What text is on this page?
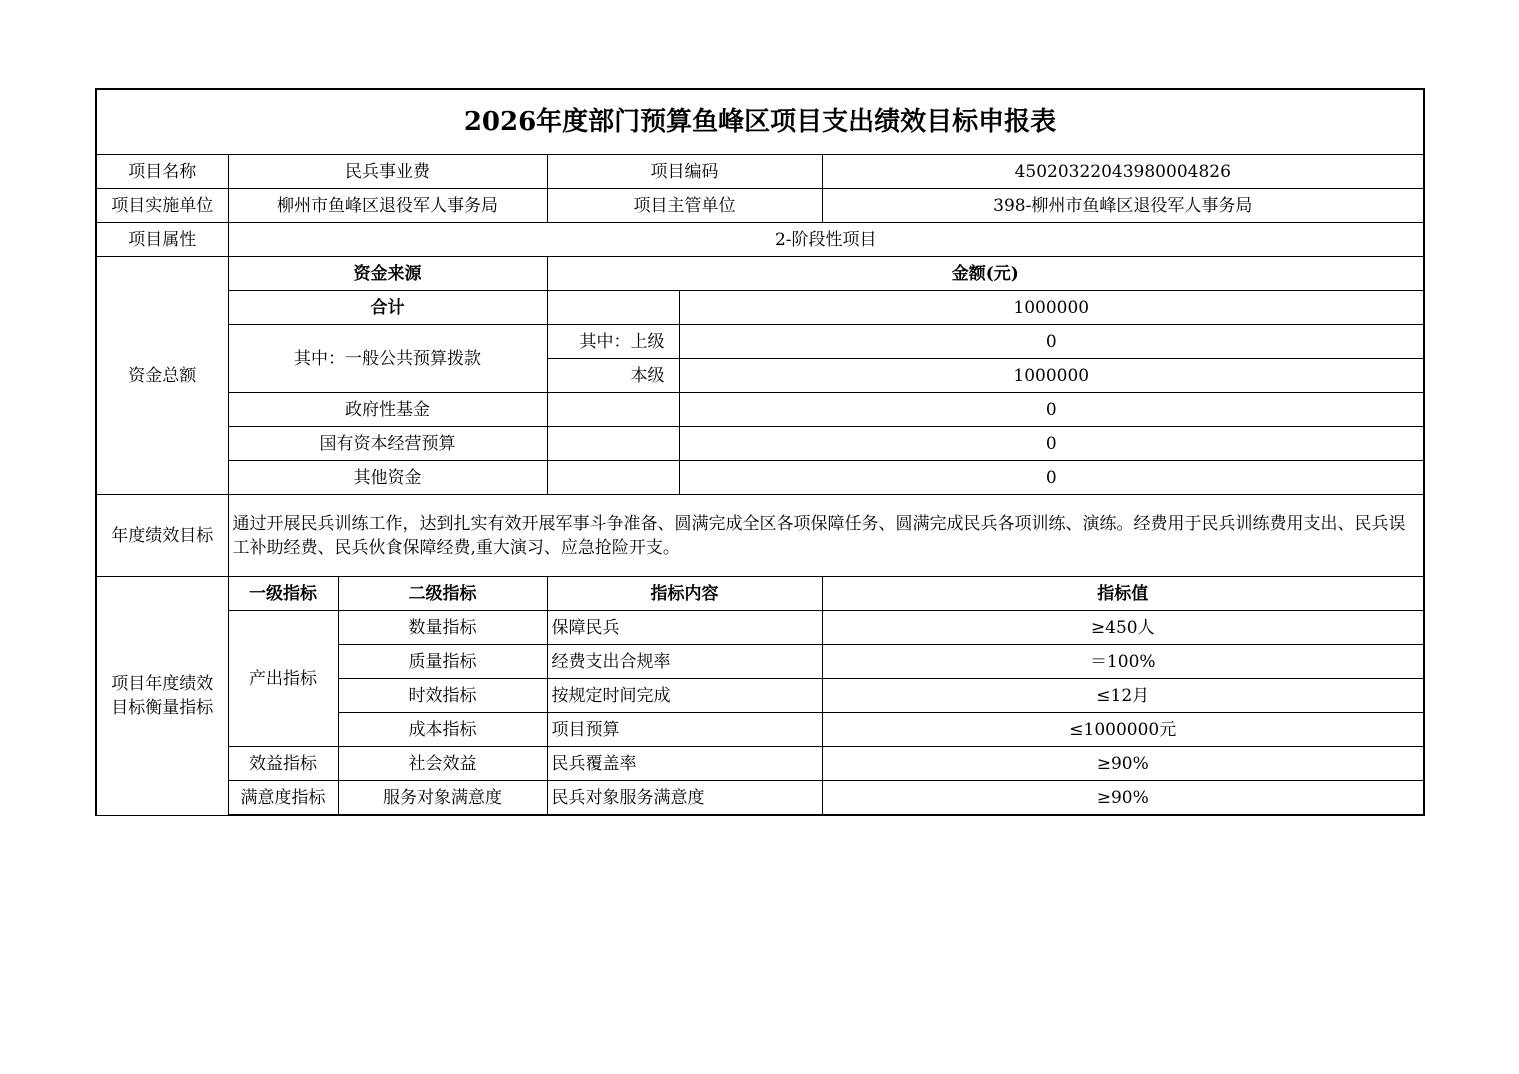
2026年度部门预算鱼峰区项目支出绩效目标申报表					
项目名称	民兵事业费		项目编码		45020322043980004826
项目实施单位	柳州市鱼峰区退役军人事务局		项目主管单位		398-柳州市鱼峰区退役军人事务局
项目属性	2-阶段性项目				
资金总额	资金来源		金额(元)		
	合计			1000000	
	其中：一般公共预算拨款		其中：上级	0	
			本级	1000000	
	政府性基金			0	
	国有资本经营预算			0	
	其他资金			0	
年度绩效目标	通过开展民兵训练工作，达到扎实有效开展军事斗争准备、圆满完成全区各项保障任务、圆满完成民兵各项训练、演练。经费用于民兵训练费用支出、民兵误工补助经费、民兵伙食保障经费,重大演习、应急抢险开支。				

项目年度绩效
目标衡量指标	一级指标	二级指标	指标内容		指标值
	产出指标	数量指标	保障民兵		≥450人
		质量指标	经费支出合规率		＝100%
		时效指标	按规定时间完成		≤12月
		成本指标	项目预算		≤1000000元
	效益指标	社会效益	民兵覆盖率		≥90%
	满意度指标	服务对象满意度	民兵对象服务满意度		≥90%
